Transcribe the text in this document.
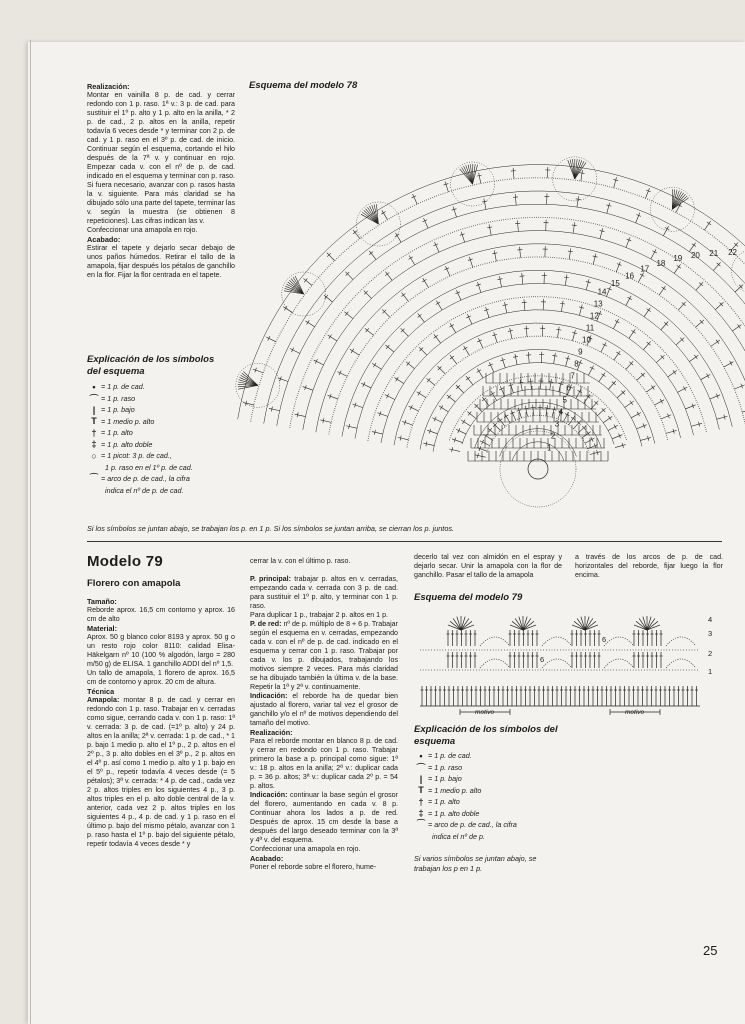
Realización:

Montar en vainilla 8 p. de cad. y cerrar redondo con 1 p. raso. 1ª v.: 3 p. de cad. para sustituir el 1º p. alto y 1 p. alto en la anilla, * 2 p. de cad., 2 p. altos en la anilla, repetir todavía 6 veces desde * y terminar con 2 p. de cad. y 1 p. raso en el 3º p. de cad. de inicio. Continuar según el esquema, cortando el hilo después de la 7ª v. y continuar en rojo. Empezar cada v. con el nº de p. de cad. indicado en el esquema y terminar con p. raso. Si fuera necesario, avanzar con p. rasos hasta la v. siguiente. Para más claridad se ha dibujado sólo una parte del tapete, terminar las v. según la muestra (se obtienen 8 repeticiones). Las cifras indican las v.

Confeccionar una amapola en rojo.

Acabado:

Estirar el tapete y dejarlo secar debajo de unos paños húmedos. Retirar el tallo de la amapola, fijar después los pétalos de ganchillo en la flor. Fijar la flor centrada en el tapete.

Esquema del modelo 78

1
2
3
4
5
6
7
8
9
10
11
12
13
14
15
16
17
18
19 20 21 22

Explicación de los símbolos

del esquema

• = 1 p. de cad.
⌒ = 1 p. raso
| = 1 p. bajo
T = 1 medio p. alto
† = 1 p. alto
‡ = 1 p. alto doble
○ = 1 picot: 3 p. de cad.,
1 p. raso en el 1º p. de cad.
⁀ = arco de p. de cad., la cifra
indica el nº de p. de cad.

Si los símbolos se juntan abajo, se trabajan los p. en 1 p. Si los símbolos se juntan arriba, se cierran los p. juntos.

Modelo 79
Florero con amapola

Tamaño:

Reborde aprox. 16,5 cm contorno y aprox. 16 cm de alto

Material:

Aprox. 50 g blanco color 8193 y aprox. 50 g o un resto rojo color 8110: calidad Elisa-Häkelgarn nº 10 (100 % algodón, largo = 280 m/50 g) de ELISA. 1 ganchillo ADDI del nº 1,5.

Un tallo de amapola, 1 florero de aprox. 16,5 cm de contorno y aprox. 20 cm de altura.

Técnica

Amapola: montar 8 p. de cad. y cerrar en redondo con 1 p. raso. Trabajar en v. cerradas como sigue, cerrando cada v. con 1 p. raso: 1ª v. cerrada: 3 p. de cad. (=1º p. alto) y 24 p. altos en la anilla; 2ª v. cerrada: 1 p. de cad., * 1 p. bajo 1 medio p. alto el 1º p., 2 p. altos en el 2º p., 3 p. alto dobles en el 3º p., 2 p. altos en el 4º p. así como 1 medio p. alto y 1 p. bajo en el 5º p., repetir todavía 4 veces desde (= 5 pétalos); 3ª v. cerrada: * 4 p. de cad., cada vez 2 p. altos triples en los siguientes 4 p., 3 p. altos triples en el p. alto doble central de la v. anterior, cada vez 2 p. altos triples en los siguientes 4 p., 4 p. de cad. y 1 p. raso en el último p. bajo del mismo pétalo, avanzar con 1 p. raso hasta el 1º p. bajo del siguiente pétalo, repetir todavía 4 veces desde * y

cerrar la v. con el último p. raso.

P. principal: trabajar p. altos en v. cerradas, empezando cada v. cerrada con 3 p. de cad. para sustituir el 1º p. alto, y terminar con 1 p. raso.

Para duplicar 1 p., trabajar 2 p. altos en 1 p.

P. de red: nº de p. múltiplo de 8 + 6 p. Trabajar según el esquema en v. cerradas, empezando cada v. con el nº de p. de cad. indicado en el esquema y cerrar con 1 p. raso. Trabajar por cada v. los p. dibujados, trabajando los motivos siempre 2 veces. Para más claridad se ha dibujado también la última v. de la base. Repetir la 1ª y 2ª v. continuamente.

Indicación: el reborde ha de quedar bien ajustado al florero, variar tal vez el grosor de ganchillo y/o el nº de motivos dependiendo del tamaño del motivo.

Realización:

Para el reborde montar en blanco 8 p. de cad. y cerrar en redondo con 1 p. raso. Trabajar primero la base a p. principal como sigue: 1ª v.: 18 p. altos en la anilla; 2ª v.: duplicar cada p. = 36 p. altos; 3ª v.: duplicar cada 2º p. = 54 p. altos.

Indicación: continuar la base según el grosor del florero, aumentando en cada v. 8 p. Continuar ahora los lados a p. de red. Después de aprox. 15 cm desde la base a después del largo deseado terminar con la 3ª y 4ª v. del esquema.

Confeccionar una amapola en rojo.

Acabado:

Poner el reborde sobre el florero, hume-

decerlo tal vez con almidón en el espray y dejarlo secar. Unir la amapola con la flor de ganchillo. Pasar el tallo de la amapola

a través de los arcos de p. de cad. horizontales del reborde, fijar luego la flor encima.

Esquema del modelo 79

4
3
2
1
6
6
motivo	motivo

Explicación de los símbolos del

esquema

• = 1 p. de cad.
⌒ = 1 p. raso
| = 1 p. bajo
T = 1 medio p. alto
† = 1 p. alto
‡ = 1 p. alto doble
⁀ = arco de p. de cad., la cifra
indica el nº de p.

Si varios símbolos se juntan abajo, se trabajan los p en 1 p.

25
